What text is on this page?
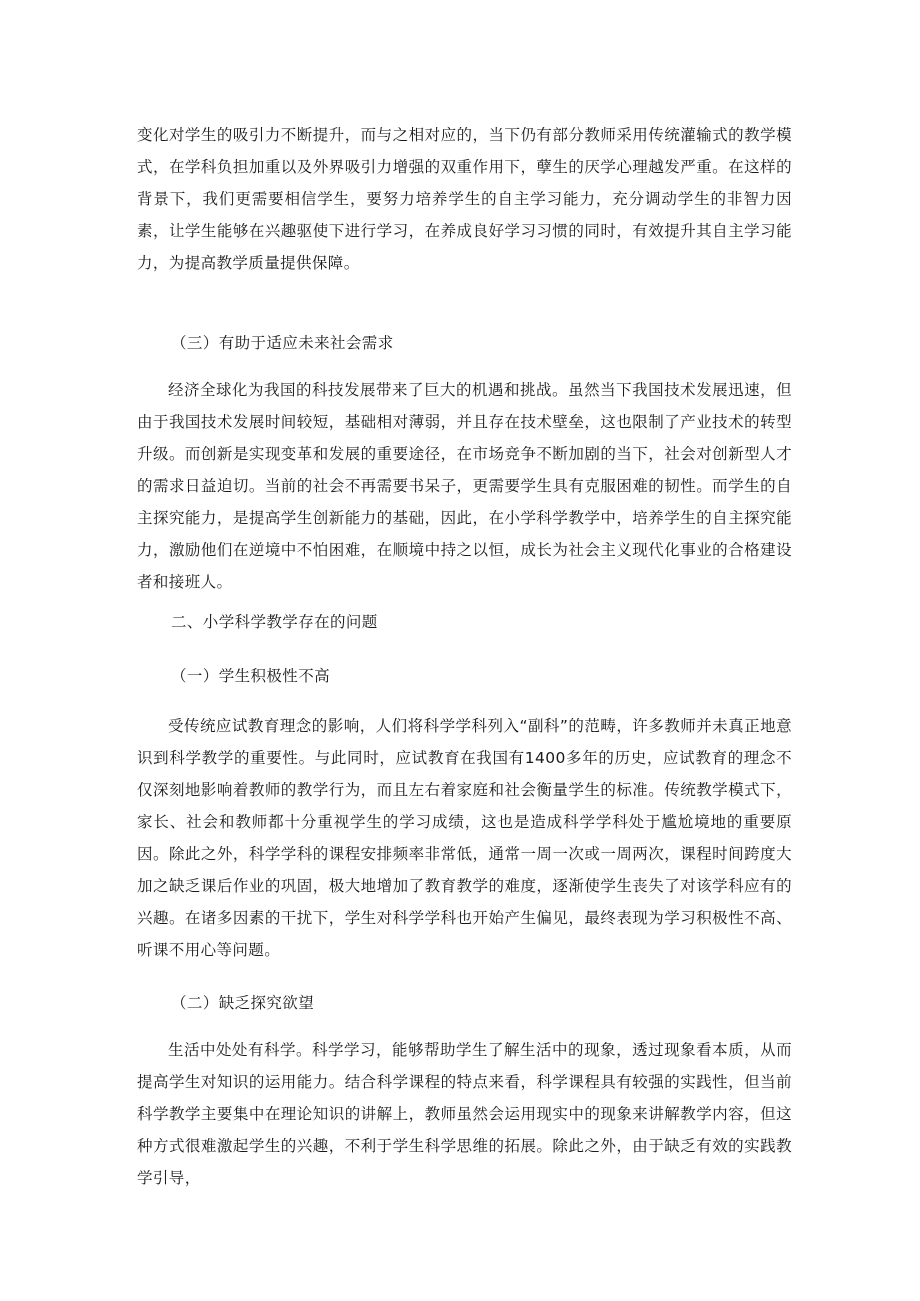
变化对学生的吸引力不断提升，而与之相对应的，当下仍有部分教师采用传统灌输式的教学模式，在学科负担加重以及外界吸引力增强的双重作用下，孽生的厌学心理越发严重。在这样的背景下，我们更需要相信学生，要努力培养学生的自主学习能力，充分调动学生的非智力因素，让学生能够在兴趣驱使下进行学习，在养成良好学习习惯的同时，有效提升其自主学习能力，为提高教学质量提供保障。

（三）有助于适应未来社会需求

经济全球化为我国的科技发展带来了巨大的机遇和挑战。虽然当下我国技术发展迅速，但由于我国技术发展时间较短，基础相对薄弱，并且存在技术壁垒，这也限制了产业技术的转型升级。而创新是实现变革和发展的重要途径，在市场竞争不断加剧的当下，社会对创新型人才的需求日益迫切。当前的社会不再需要书呆子，更需要学生具有克服困难的韧性。而学生的自主探究能力，是提高学生创新能力的基础，因此，在小学科学教学中，培养学生的自主探究能力，激励他们在逆境中不怕困难，在顺境中持之以恒，成长为社会主义现代化事业的合格建设者和接班人。

二、小学科学教学存在的问题

（一）学生积极性不高

受传统应试教育理念的影响，人们将科学学科列入“副科”的范畴，许多教师并未真正地意识到科学教学的重要性。与此同时，应试教育在我国有1400多年的历史，应试教育的理念不仅深刻地影响着教师的教学行为，而且左右着家庭和社会衡量学生的标准。传统教学模式下，家长、社会和教师都十分重视学生的学习成绩，这也是造成科学学科处于尴尬境地的重要原因。除此之外，科学学科的课程安排频率非常低，通常一周一次或一周两次，课程时间跨度大加之缺乏课后作业的巩固，极大地增加了教育教学的难度，逐渐使学生丧失了对该学科应有的兴趣。在诸多因素的干扰下，学生对科学学科也开始产生偏见，最终表现为学习积极性不高、听课不用心等问题。

（二）缺乏探究欲望

生活中处处有科学。科学学习，能够帮助学生了解生活中的现象，透过现象看本质，从而提高学生对知识的运用能力。结合科学课程的特点来看，科学课程具有较强的实践性，但当前科学教学主要集中在理论知识的讲解上，教师虽然会运用现实中的现象来讲解教学内容，但这种方式很难激起学生的兴趣，不利于学生科学思维的拓展。除此之外，由于缺乏有效的实践教学引导，
